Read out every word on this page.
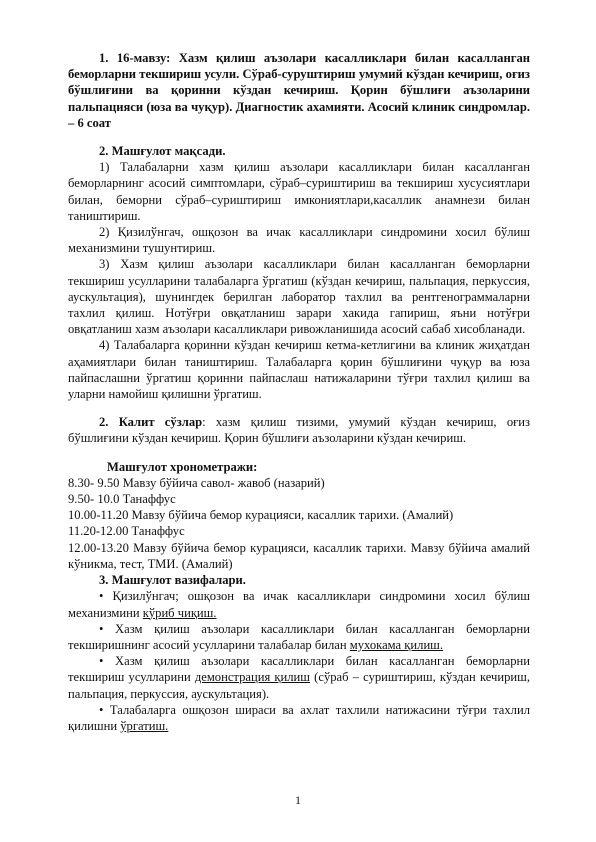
1. 16-мавзу: Хазм қилиш аъзолари касалликлари билан касалланган беморларни текшириш усули. Сўраб-суруштириш умумий кўздан кечириш, оғиз бўшлиғини ва қоринни кўздан кечириш. Қорин бўшлиғи аъзоларини пальпацияси (юза ва чуқур). Диагностик ахамияти. Асосий клиник синдромлар. – 6 соат

2. Машғулот мақсади.

1) Талабаларни хазм қилиш аъзолари касалликлари билан касалланган беморларнинг асосий симптомлари, сўраб–суриштириш ва текшириш хусусиятлари билан, беморни сўраб–суриштириш имкониятлари,касаллик анамнези билан таништириш.

2) Қизилўнгач, ошқозон ва ичак касалликлари синдромини хосил бўлиш механизмини тушунтириш.

3) Хазм қилиш аъзолари касалликлари билан касалланган беморларни текшириш усулларини талабаларга ўргатиш (кўздан кечириш, пальпация, перкуссия, аускультация), шунингдек берилган лаборатор тахлил ва рентгенограммаларни тахлил қилиш. Нотўғри овқатланиш зарари хакида гапириш, яъни нотўғри овқатланиш хазм аъзолари касалликлари ривожланишида асосий сабаб хисобланади.

4) Талабаларга қоринни кўздан кечириш кетма-кетлигини ва клиник жиҳатдан аҳамиятлари билан таништириш. Талабаларга қорин бўшлиғини чуқур ва юза пайпаслашни ўргатиш қоринни пайпаслаш натижаларини тўғри тахлил қилиш ва уларни намойиш қилишни ўргатиш.

2. Калит сўзлар: хазм қилиш тизими, умумий кўздан кечириш, оғиз бўшлиғини кўздан кечириш. Қорин бўшлиғи аъзоларини кўздан кечириш.

Машғулот хронометражи:

8.30- 9.50 Мавзу бўйича савол- жавоб (назарий)

9.50- 10.0 Танаффус

10.00-11.20 Мавзу бўйича бемор курацияси, касаллик тарихи. (Амалий)

11.20-12.00 Танаффус

12.00-13.20 Мавзу бўйича бемор курацияси, касаллик тарихи. Мавзу бўйича амалий кўникма, тест, ТМИ. (Амалий)

3. Машғулот вазифалари.

• Қизилўнгач; ошқозон ва ичак касалликлари синдромини хосил бўлиш механизмини кўриб чиқиш.

• Хазм қилиш аъзолари касалликлари билан касалланган беморларни текширишнинг асосий усулларини талабалар билан мухокама қилиш.

• Хазм қилиш аъзолари касалликлари билан касалланган беморларни текшириш усулларини демонстрация қилиш (сўраб – суриштириш, кўздан кечириш, пальпация, перкуссия, аускультация).

• Талабаларга ошқозон шираси ва ахлат тахлили натижасини тўғри тахлил қилишни ўргатиш.

1
